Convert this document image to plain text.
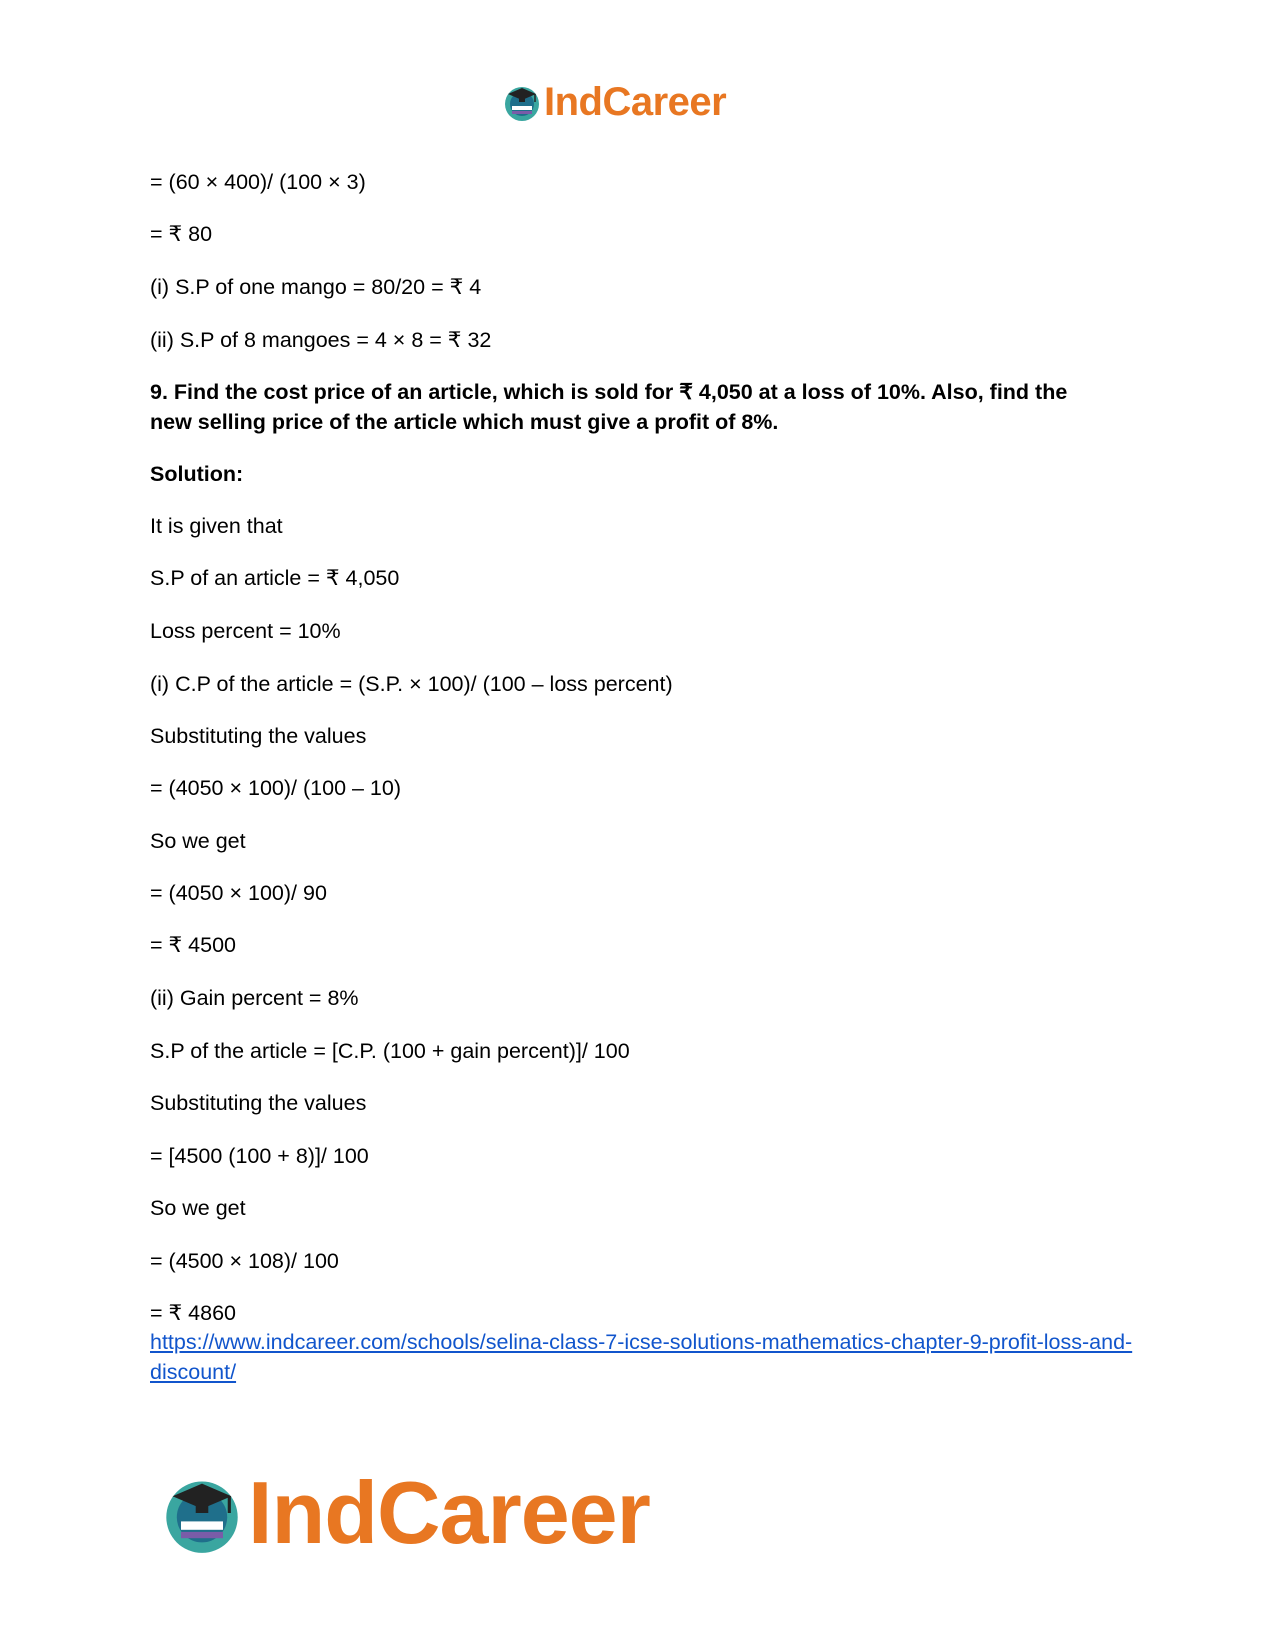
IndCareer
= (60 × 400)/ (100 × 3)
= ₹ 80
(i) S.P of one mango = 80/20 = ₹ 4
(ii) S.P of 8 mangoes = 4 × 8 = ₹ 32
9. Find the cost price of an article, which is sold for ₹ 4,050 at a loss of 10%. Also, find the new selling price of the article which must give a profit of 8%.
Solution:
It is given that
S.P of an article = ₹ 4,050
Loss percent = 10%
(i) C.P of the article = (S.P. × 100)/ (100 – loss percent)
Substituting the values
= (4050 × 100)/ (100 – 10)
So we get
= (4050 × 100)/ 90
= ₹ 4500
(ii) Gain percent = 8%
S.P of the article = [C.P. (100 + gain percent)]/ 100
Substituting the values
= [4500 (100 + 8)]/ 100
So we get
= (4500 × 108)/ 100
= ₹ 4860
https://www.indcareer.com/schools/selina-class-7-icse-solutions-mathematics-chapter-9-profit-loss-and-discount/
IndCareer
